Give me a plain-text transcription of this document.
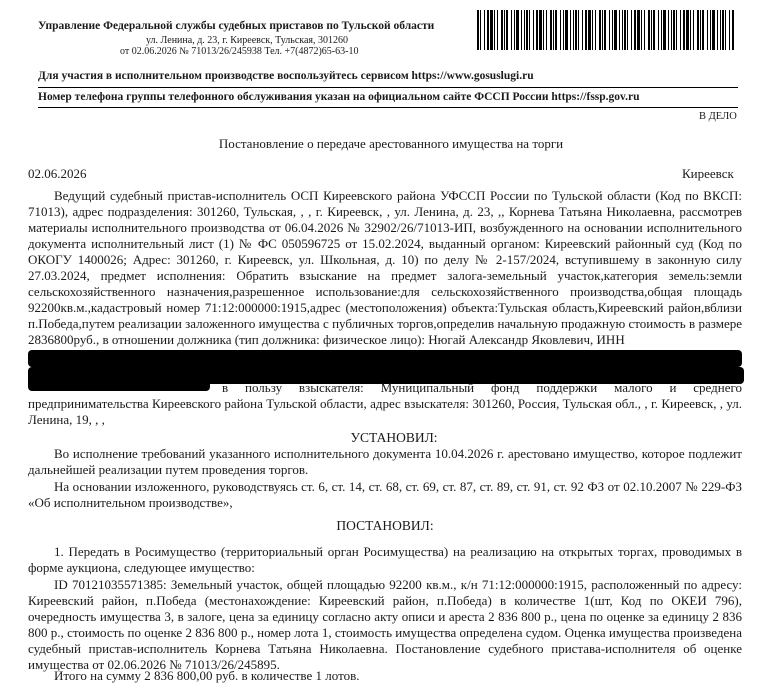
Управление Федеральной службы судебных приставов по Тульской области
ул. Ленина, д. 23, г. Киреевск, Тульская, 301260
от 02.06.2026 № 71013/26/245938 Тел. +7(4872)65-63-10
Для участия в исполнительном производстве воспользуйтесь сервисом https://www.gosuslugi.ru
Номер телефона группы телефонного обслуживания указан на официальном сайте ФССП России https://fssp.gov.ru
В ДЕЛО
Постановление о передаче арестованного имущества на торги
02.06.2026	Киреевск

Ведущий судебный пристав-исполнитель ОСП Киреевского района УФССП России по Тульской области (Код по ВКСП: 71013), адрес подразделения: 301260, Тульская, , , г. Киреевск, , ул. Ленина, д. 23, ,, Корнева Татьяна Николаевна, рассмотрев материалы исполнительного производства от 06.04.2026 № 32902/26/71013-ИП, возбужденного на основании исполнительного документа исполнительный лист (1) № ФС 050596725 от 15.02.2024, выданный органом: Киреевский районный суд (Код по ОКОГУ 1400026; Адрес: 301260, г. Киреевск, ул. Школьная, д. 10) по делу № 2-157/2024, вступившему в законную силу 27.03.2024, предмет исполнения: Обратить взыскание на предмет залога-земельный участок,категория земель:земли сельскохозяйственного назначения,разрешенное использование:для сельскохозяйственного производства,общая площадь 92200кв.м.,кадастровый номер 71:12:000000:1915,адрес (местоположения) объекта:Тульская область,Киреевский район,вблизи п.Победа,путем реализации заложенного имущества с публичных торгов,определив начальную продажную стоимость в размере 2836800руб., в отношении должника (тип должника: физическое лицо): Нюгай Александр Яковлевич, ИНН

в пользу взыскателя: Муниципальный фонд поддержки малого и среднего предпринимательства Киреевского района Тульской области, адрес взыскателя: 301260, Россия, Тульская обл., , г. Киреевск, , ул. Ленина, 19, , ,

УСТАНОВИЛ:

Во исполнение требований указанного исполнительного документа 10.04.2026 г. арестовано имущество, которое подлежит дальнейшей реализации путем проведения торгов.

На основании изложенного, руководствуясь ст. 6, ст. 14, ст. 68, ст. 69, ст. 87, ст. 89, ст. 91, ст. 92 ФЗ от 02.10.2007 № 229-ФЗ «Об исполнительном производстве»,

ПОСТАНОВИЛ:

1. Передать в Росимущество (территориальный орган Росимущества) на реализацию на открытых торгах, проводимых в форме аукциона, следующее имущество:

ID 70121035571385: Земельный участок, общей площадью 92200 кв.м., к/н 71:12:000000:1915, расположенный по адресу: Киреевский район, п.Победа (местонахождение: Киреевский район, п.Победа) в количестве 1(шт, Код по ОКЕИ 796), очередность имущества 3, в залоге, цена за единицу согласно акту описи и ареста 2 836 800 р., цена по оценке за единицу 2 836 800 р., стоимость по оценке 2 836 800 р., номер лота 1, стоимость имущества определена судом. Оценка имущества произведена судебный пристав-исполнитель Корнева Татьяна Николаевна. Постановление судебного пристава-исполнителя об оценке имущества от 02.06.2026 № 71013/26/245895.

Итого на сумму 2 836 800,00 руб. в количестве 1 лотов.
